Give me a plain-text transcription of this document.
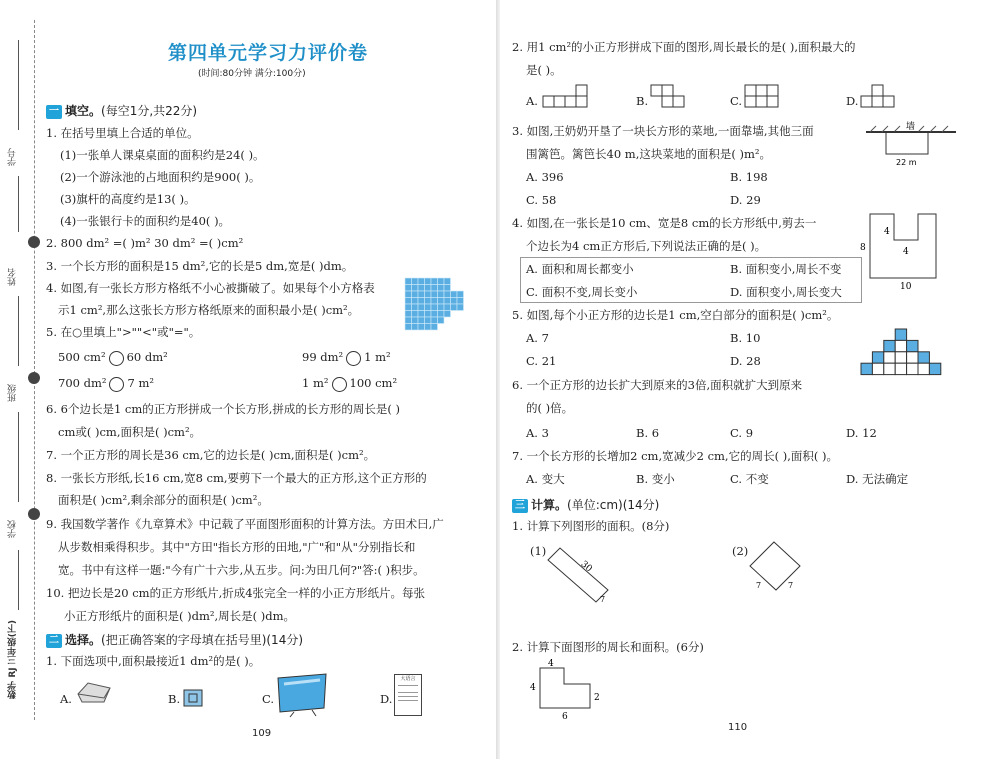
学号
姓名
班级
学校
数学 RJ 三年级(下)
第四单元学习力评价卷
(时间:80分钟 满分:100分)
一 填空。(每空1分,共22分)
1. 在括号里填上合适的单位。
(1)一张单人课桌桌面的面积约是24( )。
(2)一个游泳池的占地面积约是900( )。
(3)旗杆的高度约是13( )。
(4)一张银行卡的面积约是40( )。
2. 800 dm² =( )m² 30 dm² =( )cm²
3. 一个长方形的面积是15 dm²,它的长是5 dm,宽是( )dm。
4. 如图,有一张长方形方格纸不小心被撕破了。如果每个小方格表
示1 cm²,那么这张长方形方格纸原来的面积最小是( )cm²。
5. 在○里填上">""<"或"="。
500 cm² 60 dm²	99 dm² 1 m²
700 dm² 7 m²	1 m² 100 cm²
6. 6个边长是1 cm的正方形拼成一个长方形,拼成的长方形的周长是( )
cm或( )cm,面积是( )cm²。
7. 一个正方形的周长是36 cm,它的边长是( )cm,面积是( )cm²。
8. 一张长方形纸,长16 cm,宽8 cm,要剪下一个最大的正方形,这个正方形的
面积是( )cm²,剩余部分的面积是( )cm²。
9. 我国数学著作《九章算术》中记载了平面图形面积的计算方法。方田术曰,广
从步数相乘得积步。其中"方田"指长方形的田地,"广"和"从"分别指长和
宽。书中有这样一题:"今有广十六步,从五步。问:为田几何?"答:( )积步。
10. 把边长是20 cm的正方形纸片,折成4张完全一样的小正方形纸片。每张
小正方形纸片的面积是( )dm²,周长是( )dm。
二 选择。(把正确答案的字母填在括号里)(14分)
1. 下面选项中,面积最接近1 dm²的是( )。
A.	B.	C.	D.
大语言
109
2. 用1 cm²的小正方形拼成下面的图形,周长最长的是( ),面积最大的
是( )。
A.	B.	C.	D.
3. 如图,王奶奶开垦了一块长方形的菜地,一面靠墙,其他三面
围篱笆。篱笆长40 m,这块菜地的面积是( )m²。
墙
22 m
A. 396	B. 198
C. 58	D. 29
4. 如图,在一张长是10 cm、宽是8 cm的长方形纸中,剪去一
个边长为4 cm正方形后,下列说法正确的是( )。
4
4
8
10
A. 面积和周长都变小	B. 面积变小,周长不变
C. 面积不变,周长变小	D. 面积变小,周长变大
5. 如图,每个小正方形的边长是1 cm,空白部分的面积是( )cm²。
A. 7	B. 10
C. 21	D. 28
6. 一个正方形的边长扩大到原来的3倍,面积就扩大到原来
的( )倍。
A. 3	B. 6	C. 9	D. 12
7. 一个长方形的长增加2 cm,宽减少2 cm,它的周长( ),面积( )。
A. 变大	B. 变小	C. 不变	D. 无法确定
三 计算。(单位:cm)(14分)
1. 计算下列图形的面积。(8分)
(1)
30
7
(2)
7	7
2. 计算下面图形的周长和面积。(6分)
4
4
2
6
110
